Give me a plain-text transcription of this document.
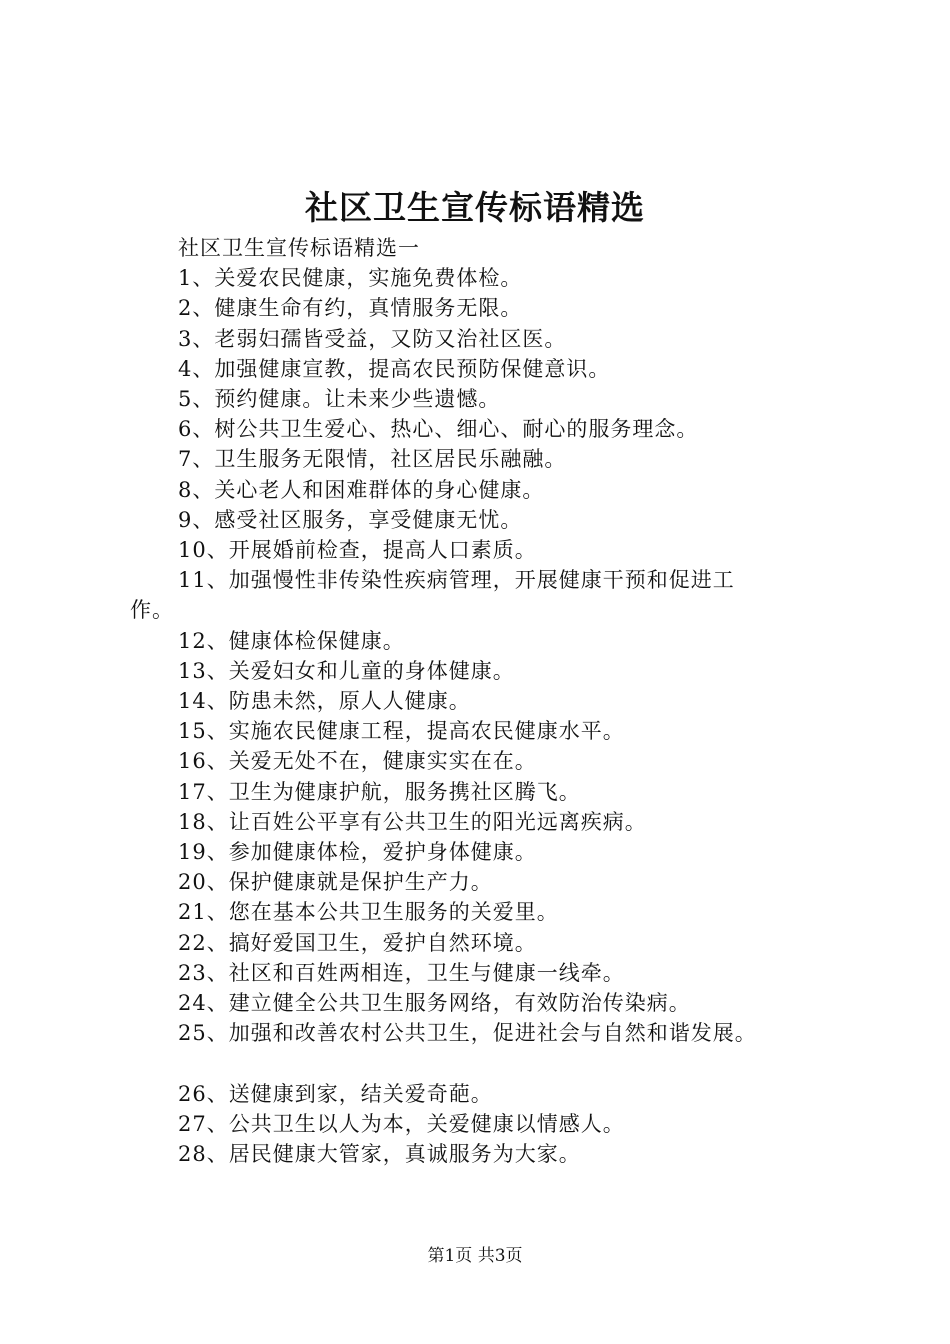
社区卫生宣传标语精选
社区卫生宣传标语精选一
1、关爱农民健康，实施免费体检。
2、健康生命有约，真情服务无限。
3、老弱妇孺皆受益，又防又治社区医。
4、加强健康宣教，提高农民预防保健意识。
5、预约健康。让未来少些遗憾。
6、树公共卫生爱心、热心、细心、耐心的服务理念。
7、卫生服务无限情，社区居民乐融融。
8、关心老人和困难群体的身心健康。
9、感受社区服务，享受健康无忧。
10、开展婚前检查，提高人口素质。
11、加强慢性非传染性疾病管理，开展健康干预和促进工
作。
12、健康体检保健康。
13、关爱妇女和儿童的身体健康。
14、防患未然，原人人健康。
15、实施农民健康工程，提高农民健康水平。
16、关爱无处不在，健康实实在在。
17、卫生为健康护航，服务携社区腾飞。
18、让百姓公平享有公共卫生的阳光远离疾病。
19、参加健康体检，爱护身体健康。
20、保护健康就是保护生产力。
21、您在基本公共卫生服务的关爱里。
22、搞好爱国卫生，爱护自然环境。
23、社区和百姓两相连，卫生与健康一线牵。
24、建立健全公共卫生服务网络，有效防治传染病。
25、加强和改善农村公共卫生，促进社会与自然和谐发展。
26、送健康到家，结关爱奇葩。
27、公共卫生以人为本，关爱健康以情感人。
28、居民健康大管家，真诚服务为大家。
第1页 共3页
